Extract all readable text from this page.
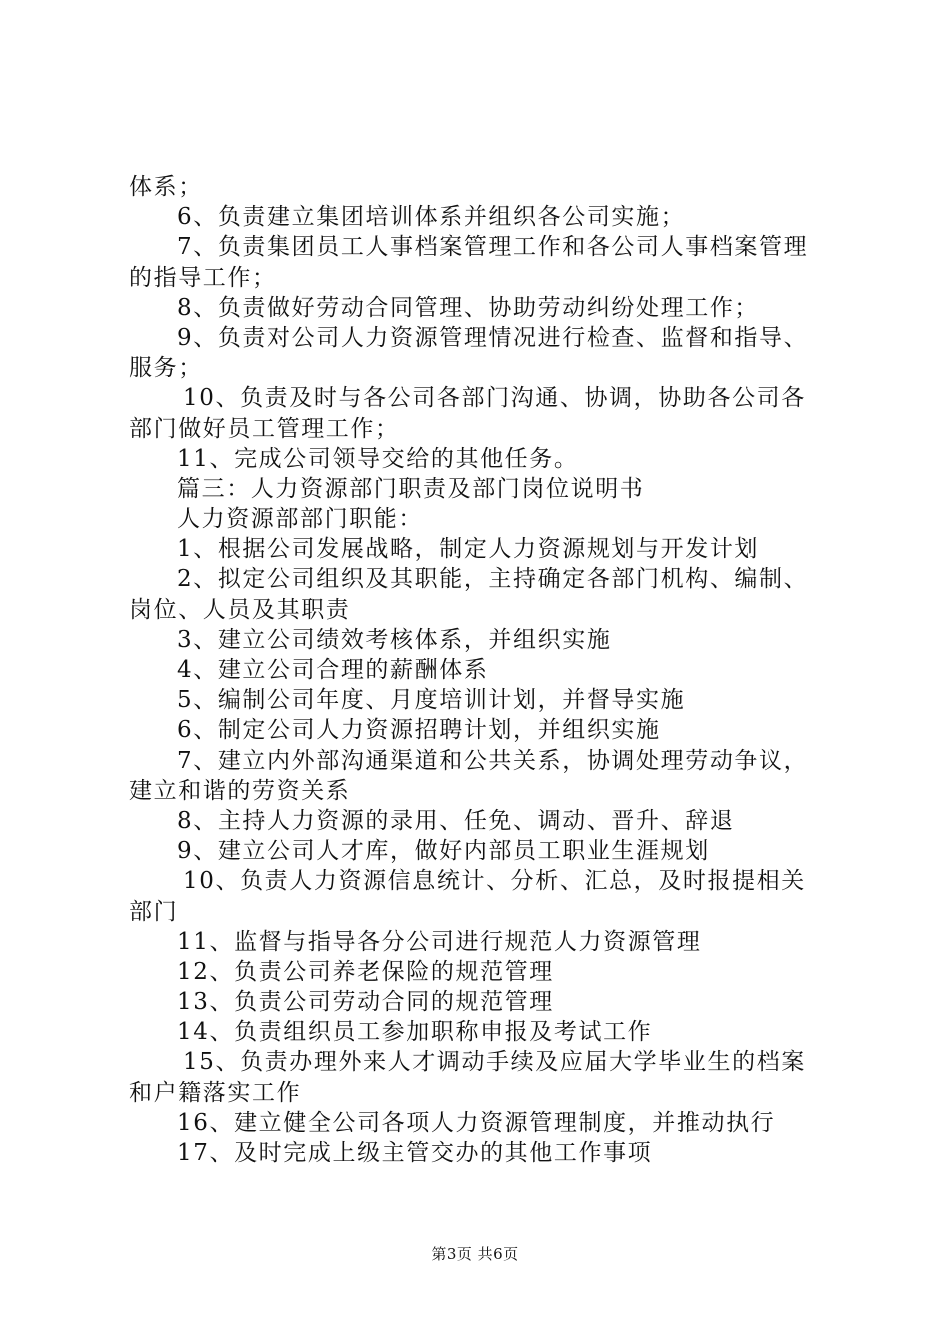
体系；
6、负责建立集团培训体系并组织各公司实施；
7、负责集团员工人事档案管理工作和各公司人事档案管理
的指导工作；
8、负责做好劳动合同管理、协助劳动纠纷处理工作；
9、负责对公司人力资源管理情况进行检查、监督和指导、
服务；
10、负责及时与各公司各部门沟通、协调，协助各公司各
部门做好员工管理工作；
11、完成公司领导交给的其他任务。
篇三：人力资源部门职责及部门岗位说明书
人力资源部部门职能：
1、根据公司发展战略，制定人力资源规划与开发计划
2、拟定公司组织及其职能，主持确定各部门机构、编制、
岗位、人员及其职责
3、建立公司绩效考核体系，并组织实施
4、建立公司合理的薪酬体系
5、编制公司年度、月度培训计划，并督导实施
6、制定公司人力资源招聘计划，并组织实施
7、建立内外部沟通渠道和公共关系，协调处理劳动争议，
建立和谐的劳资关系
8、主持人力资源的录用、任免、调动、晋升、辞退
9、建立公司人才库，做好内部员工职业生涯规划
10、负责人力资源信息统计、分析、汇总，及时报提相关
部门
11、监督与指导各分公司进行规范人力资源管理
12、负责公司养老保险的规范管理
13、负责公司劳动合同的规范管理
14、负责组织员工参加职称申报及考试工作
15、负责办理外来人才调动手续及应届大学毕业生的档案
和户籍落实工作
16、建立健全公司各项人力资源管理制度，并推动执行
17、及时完成上级主管交办的其他工作事项
第3页 共6页
